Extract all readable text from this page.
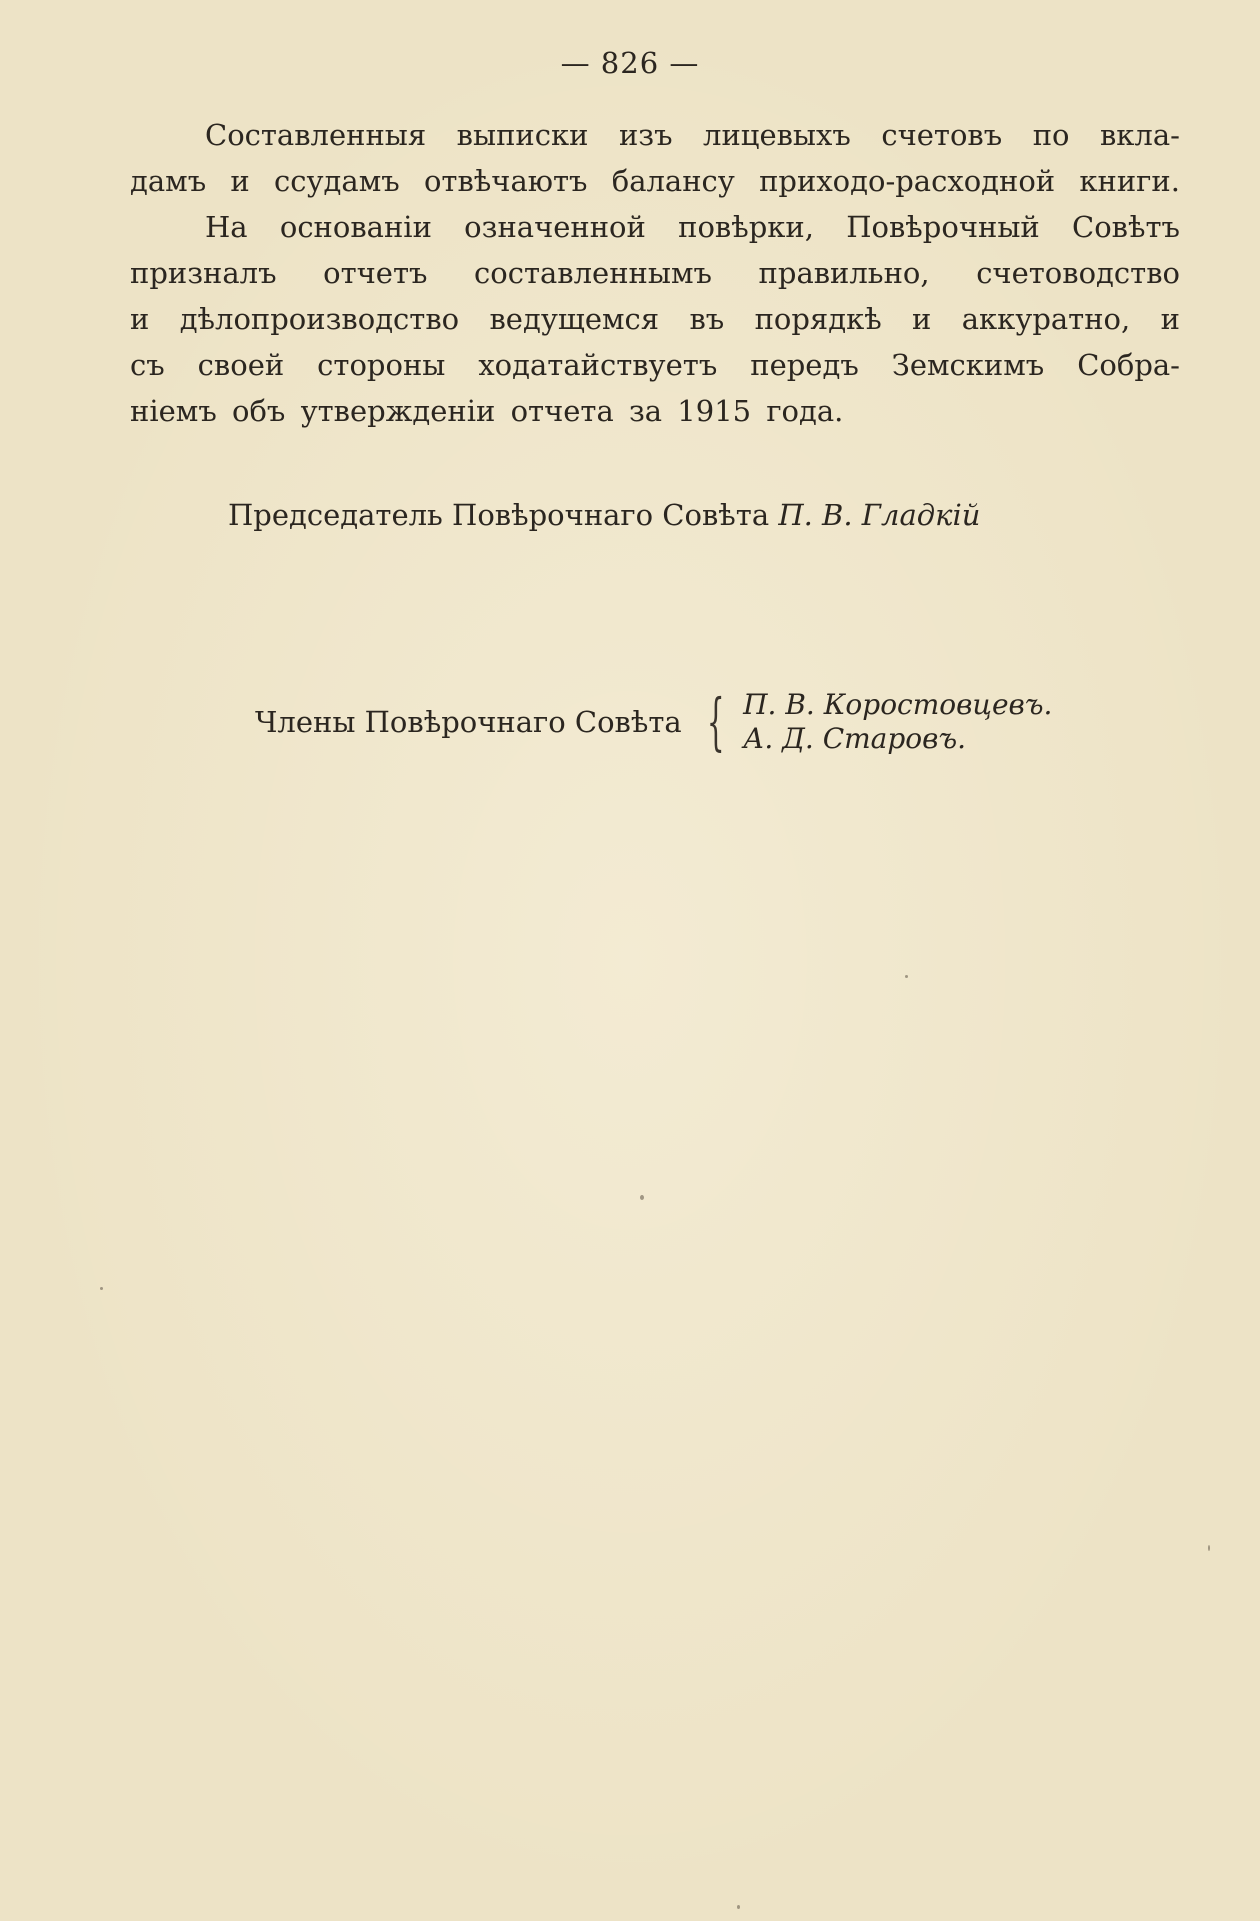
— 826 —
Составленныя выписки изъ лицевыхъ счетовъ по вкла-
дамъ и ссудамъ отвѣчаютъ балансу приходо-расходной книги.
На основанiи означенной повѣрки, Повѣрочный Совѣтъ
призналъ отчетъ составленнымъ правильно, счетоводство
и дѣлопроизводство ведущемся въ порядкѣ и аккуратно, и
съ своей стороны ходатайствуетъ передъ Земскимъ Собра-
нiемъ объ утвержденiи отчета за 1915 года.
Председатель Повѣрочнаго Совѣта П. В. Гладкiй
Члены Повѣрочнаго Совѣта { П. В. Коростовцевъ.
А. Д. Старовъ.
